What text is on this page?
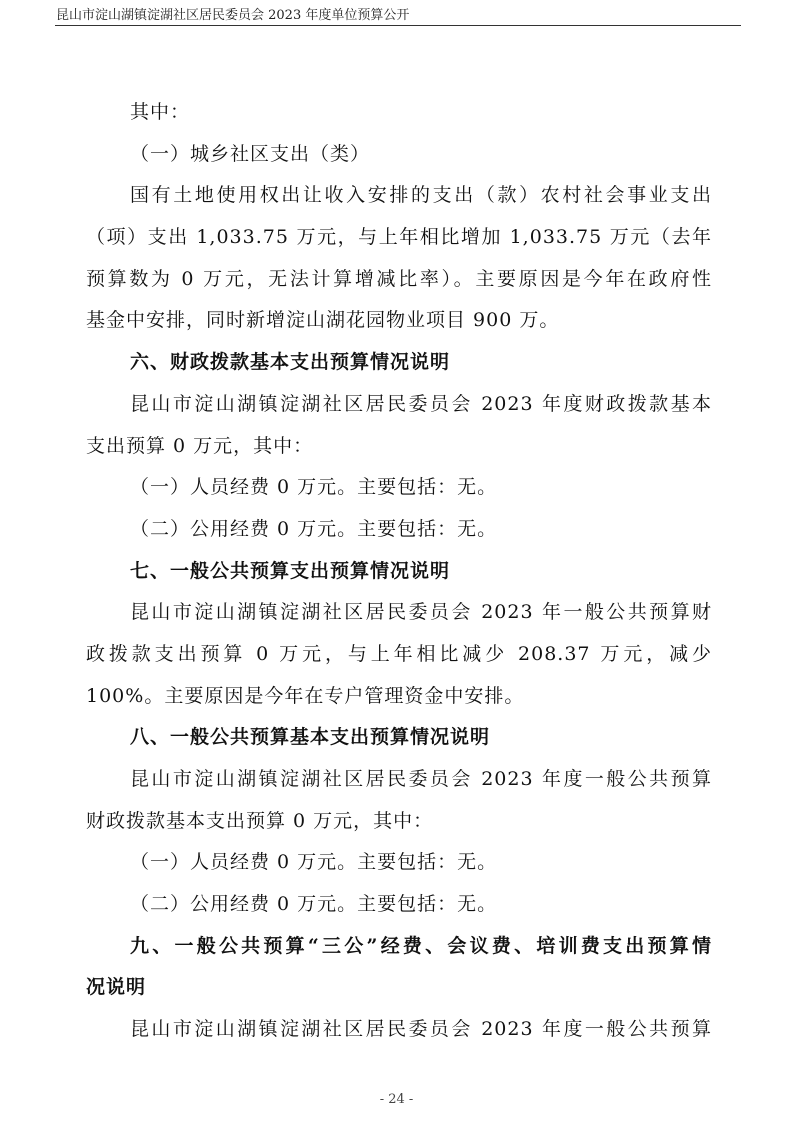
昆山市淀山湖镇淀湖社区居民委员会 2023 年度单位预算公开
其中：
（一）城乡社区支出（类）
国有土地使用权出让收入安排的支出（款）农村社会事业支出
（项）支出 1,033.75 万元，与上年相比增加 1,033.75 万元（去年
预算数为 0 万元，无法计算增减比率）。主要原因是今年在政府性
基金中安排，同时新增淀山湖花园物业项目 900 万。
六、财政拨款基本支出预算情况说明
昆山市淀山湖镇淀湖社区居民委员会 2023 年度财政拨款基本
支出预算 0 万元，其中：
（一）人员经费 0 万元。主要包括：无。
（二）公用经费 0 万元。主要包括：无。
七、一般公共预算支出预算情况说明
昆山市淀山湖镇淀湖社区居民委员会 2023 年一般公共预算财
政拨款支出预算 0 万元，与上年相比减少 208.37 万元，减少
100%。主要原因是今年在专户管理资金中安排。
八、一般公共预算基本支出预算情况说明
昆山市淀山湖镇淀湖社区居民委员会 2023 年度一般公共预算
财政拨款基本支出预算 0 万元，其中：
（一）人员经费 0 万元。主要包括：无。
（二）公用经费 0 万元。主要包括：无。
九、一般公共预算“三公”经费、会议费、培训费支出预算情
况说明
昆山市淀山湖镇淀湖社区居民委员会 2023 年度一般公共预算
- 24 -
